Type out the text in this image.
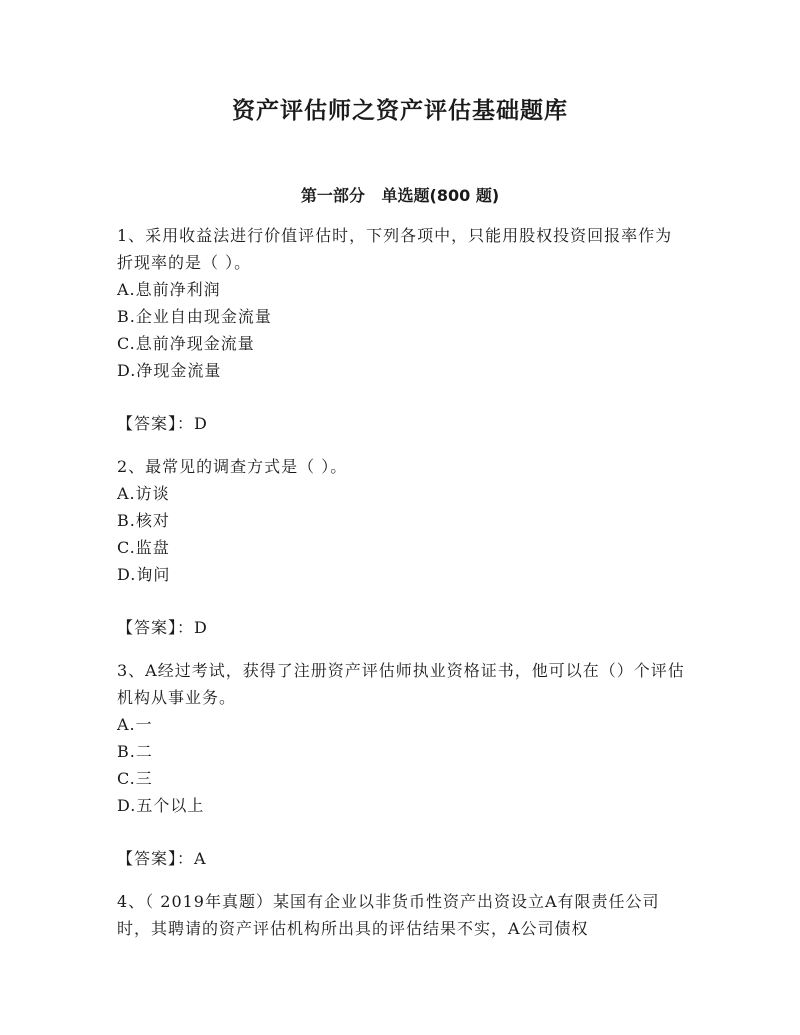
资产评估师之资产评估基础题库
第一部分   单选题(800 题)

1、采用收益法进行价值评估时，下列各项中，只能用股权投资回报率作为折现率的是（ ）。

A.息前净利润

B.企业自由现金流量

C.息前净现金流量

D.净现金流量

【答案】：D

2、最常见的调查方式是（ ）。

A.访谈

B.核对

C.监盘

D.询问

【答案】：D

3、A经过考试，获得了注册资产评估师执业资格证书，他可以在（）个评估机构从事业务。

A.一

B.二

C.三

D.五个以上

【答案】：A

4、（ 2019年真题）某国有企业以非货币性资产出资设立A有限责任公司时，其聘请的资产评估机构所出具的评估结果不实，A公司债权
